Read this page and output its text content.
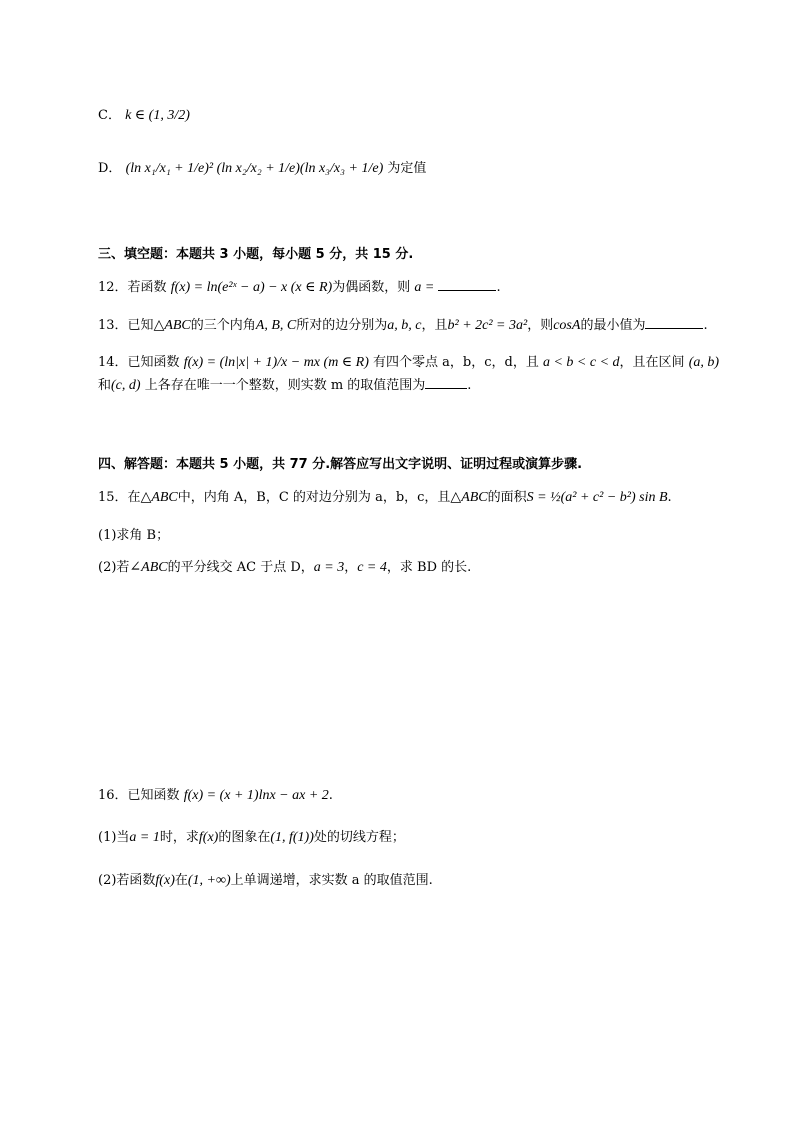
C． k ∈ (1, 3/2)
D． (ln x₁/x₁ + 1/e)² (ln x₂/x₂ + 1/e)(ln x₃/x₃ + 1/e) 为定值
三、填空题：本题共 3 小题，每小题 5 分，共 15 分.
12．若函数 f(x) = ln(e²ˣ − a) − x (x ∈ R)为偶函数，则 a =	.
13．已知△ABC的三个内角A, B, C所对的边分别为a, b, c，且b² + 2c² = 3a²，则cosA的最小值为	.
14．已知函数 f(x) = (ln|x| + 1)/x − mx (m ∈ R) 有四个零点 a，b，c，d，且 a < b < c < d，且在区间 (a, b)和(c, d) 上各存在唯一一个整数，则实数 m 的取值范围为	.
四、解答题：本题共 5 小题，共 77 分.解答应写出文字说明、证明过程或演算步骤.
15．在△ABC中，内角 A，B，C 的对边分别为 a，b，c，且△ABC的面积S = ½(a² + c² − b²) sin B.
(1)求角 B；
(2)若∠ABC的平分线交 AC 于点 D，a = 3，c = 4，求 BD 的长.
16．已知函数 f(x) = (x + 1)lnx − ax + 2.
(1)当a = 1时，求f(x)的图象在(1, f(1))处的切线方程；
(2)若函数f(x)在(1, +∞)上单调递增，求实数 a 的取值范围.
